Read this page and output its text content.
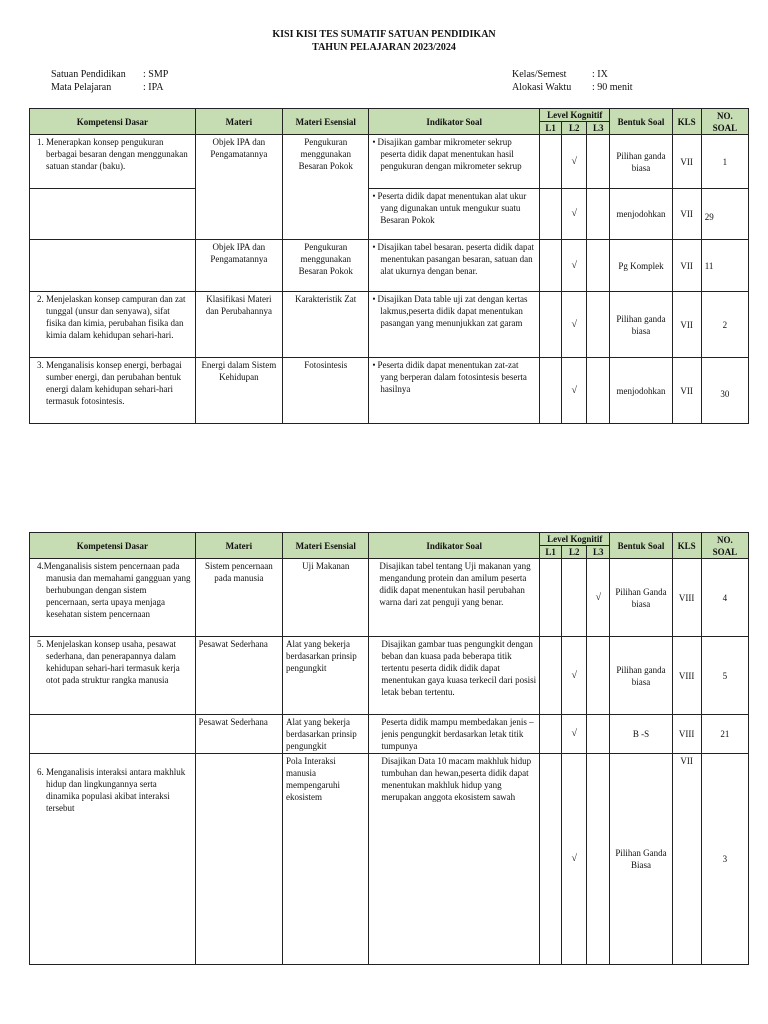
KISI KISI TES SUMATIF SATUAN PENDIDIKAN
TAHUN PELAJARAN 2023/2024
Satuan Pendidikan : SMP
Mata Pelajaran	: IPA
Kelas/Semest	: IX
Alokasi Waktu : 90 menit
Kompetensi Dasar	Materi	Materi Esensial	Indikator Soal	Level Kognitif			Bentuk Soal	KLS	NO.
SOAL
				L1	L2	L3			

1. Menerapkan konsep pengukuran berbagai besaran dengan menggunakan satuan standar (baku).	Objek IPA dan Pengamatannya	Pengukuran menggunakan Besaran Pokok	• Disajikan gambar mikrometer sekrup peserta didik dapat menentukan hasil pengukuran dengan mikrometer sekrup		√		Pilihan ganda biasa	VII	1

			• Peserta didik dapat menentukan alat ukur yang digunakan untuk mengukur suatu Besaran Pokok		√		menjodohkan	VII	29
	Objek IPA dan Pengamatannya	Pengukuran menggunakan Besaran Pokok	• Disajikan tabel besaran. peserta didik dapat menentukan pasangan besaran, satuan dan alat ukurnya dengan benar.		√		Pg Komplek	VII	11

2. Menjelaskan konsep campuran dan zat tunggal (unsur dan senyawa), sifat fisika dan kimia, perubahan fisika dan kimia dalam kehidupan sehari-hari.	Klasifikasi Materi dan Perubahannya	Karakteristik Zat	• Disajikan Data table uji zat dengan kertas lakmus,peserta didik dapat menentukan pasangan yang menunjukkan zat garam		√		Pilihan ganda biasa	VII	2

3. Menganalisis konsep energi, berbagai sumber energi, dan perubahan bentuk energi dalam kehidupan sehari-hari termasuk fotosintesis.	Energi dalam Sistem Kehidupan	Fotosintesis	• Peserta didik dapat menentukan zat-zat yang berperan dalam fotosintesis beserta hasilnya		√		menjodohkan	VII	30
Kompetensi Dasar	Materi	Materi Esensial	Indikator Soal	Level Kognitif			Bentuk Soal	KLS	NO.
SOAL
				L1	L2	L3			

4.Menganalisis sistem pencernaan pada manusia dan memahami gangguan yang berhubungan dengan sistem pencernaan, serta upaya menjaga kesehatan sistem pencernaan	Sistem pencernaan pada manusia	Uji Makanan	Disajikan tabel tentang Uji makanan yang mengandung protein dan amilum peserta didik dapat menentukan hasil perubahan warna dari zat penguji yang benar.			√	Pilihan Ganda biasa	VIII	4

5. Menjelaskan konsep usaha, pesawat sederhana, dan penerapannya dalam kehidupan sehari-hari termasuk kerja otot pada struktur rangka manusia	Pesawat Sederhana	Alat yang bekerja berdasarkan prinsip pengungkit	Disajikan gambar tuas pengungkit dengan beban dan kuasa pada beberapa titik tertentu peserta didik didik dapat menentukan gaya kuasa terkecil dari posisi letak beban tertentu.		√		Pilihan ganda biasa	VIII	5
	Pesawat Sederhana	Alat yang bekerja berdasarkan prinsip pengungkit	Peserta didik mampu membedakan jenis – jenis pengungkit berdasarkan letak titik tumpunya		√		B -S	VIII	21

6. Menganalisis interaksi antara makhluk hidup dan lingkungannya serta dinamika populasi akibat interaksi tersebut		Pola Interaksi manusia mempengaruhi ekosistem	Disajikan Data 10 macam makhluk hidup tumbuhan dan hewan,peserta didik dapat menentukan makhluk hidup yang merupakan anggota ekosistem sawah		√		Pilihan Ganda Biasa	VII	3
